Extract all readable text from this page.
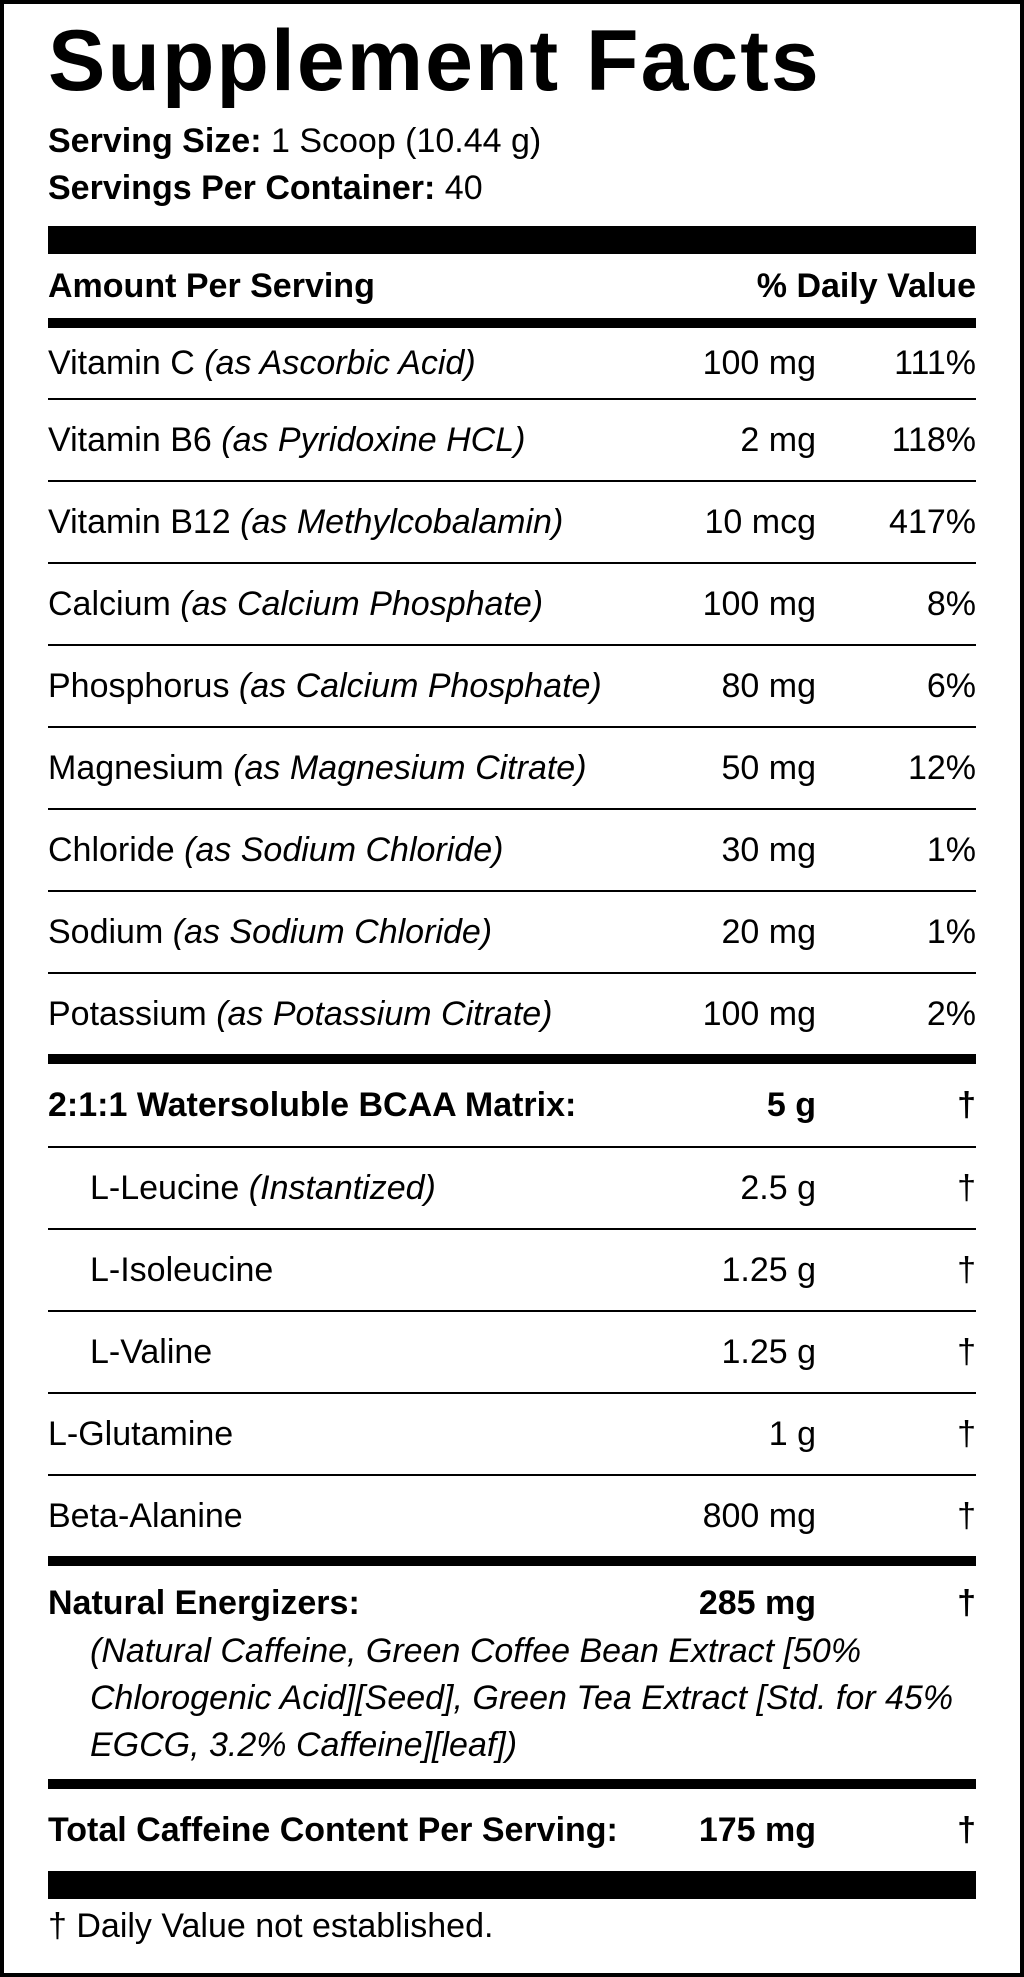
Supplement Facts
Serving Size: 1 Scoop (10.44 g)
Servings Per Container: 40
Amount Per Serving	% Daily Value
Vitamin C (as Ascorbic Acid)	100 mg	111%
Vitamin B6 (as Pyridoxine HCL)	2 mg	118%
Vitamin B12 (as Methylcobalamin)	10 mcg	417%
Calcium (as Calcium Phosphate)	100 mg	8%
Phosphorus (as Calcium Phosphate)	80 mg	6%
Magnesium (as Magnesium Citrate)	50 mg	12%
Chloride (as Sodium Chloride)	30 mg	1%
Sodium (as Sodium Chloride)	20 mg	1%
Potassium (as Potassium Citrate)	100 mg	2%
2:1:1 Watersoluble BCAA Matrix:	5 g	†
L-Leucine (Instantized)	2.5 g	†
L-Isoleucine	1.25 g	†
L-Valine	1.25 g	†
L-Glutamine	1 g	†
Beta-Alanine	800 mg	†
Natural Energizers:	285 mg	†
(Natural Caffeine, Green Coffee Bean Extract [50%
Chlorogenic Acid][Seed], Green Tea Extract [Std. for 45%
EGCG, 3.2% Caffeine][leaf])
Total Caffeine Content Per Serving:	175 mg	†
† Daily Value not established.
